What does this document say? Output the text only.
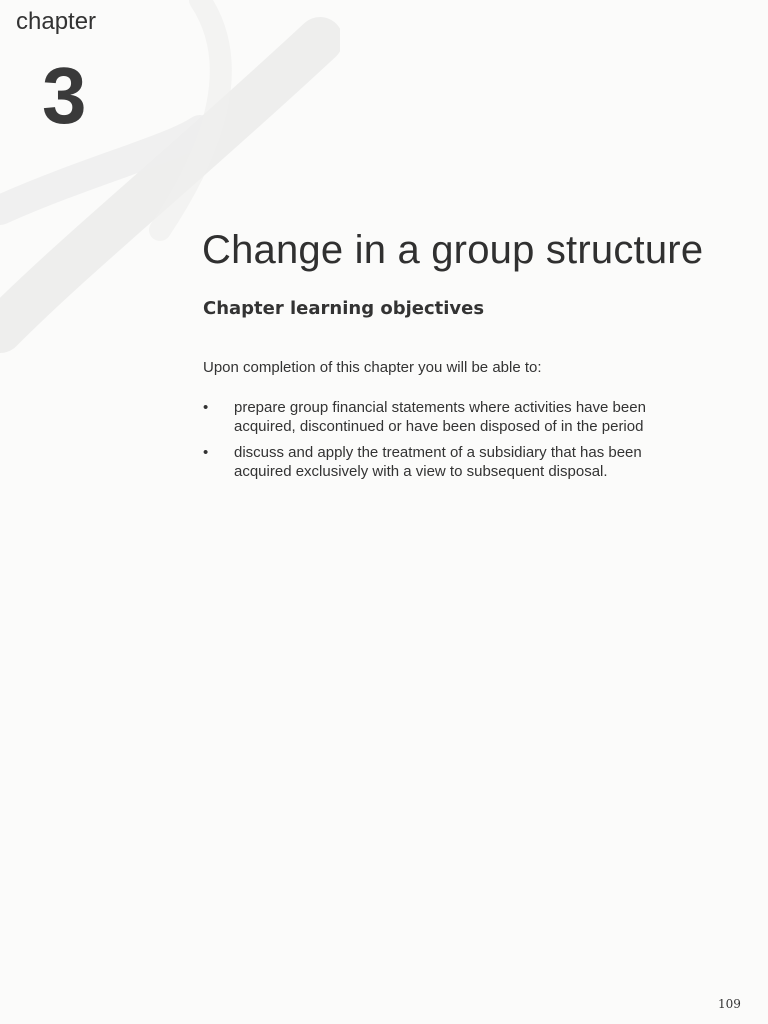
chapter
3
Change in a group structure
Chapter learning objectives

Upon completion of this chapter you will be able to:

• prepare group financial statements where activities have been acquired, discontinued or have been disposed of in the period
• discuss and apply the treatment of a subsidiary that has been acquired exclusively with a view to subsequent disposal.
109
